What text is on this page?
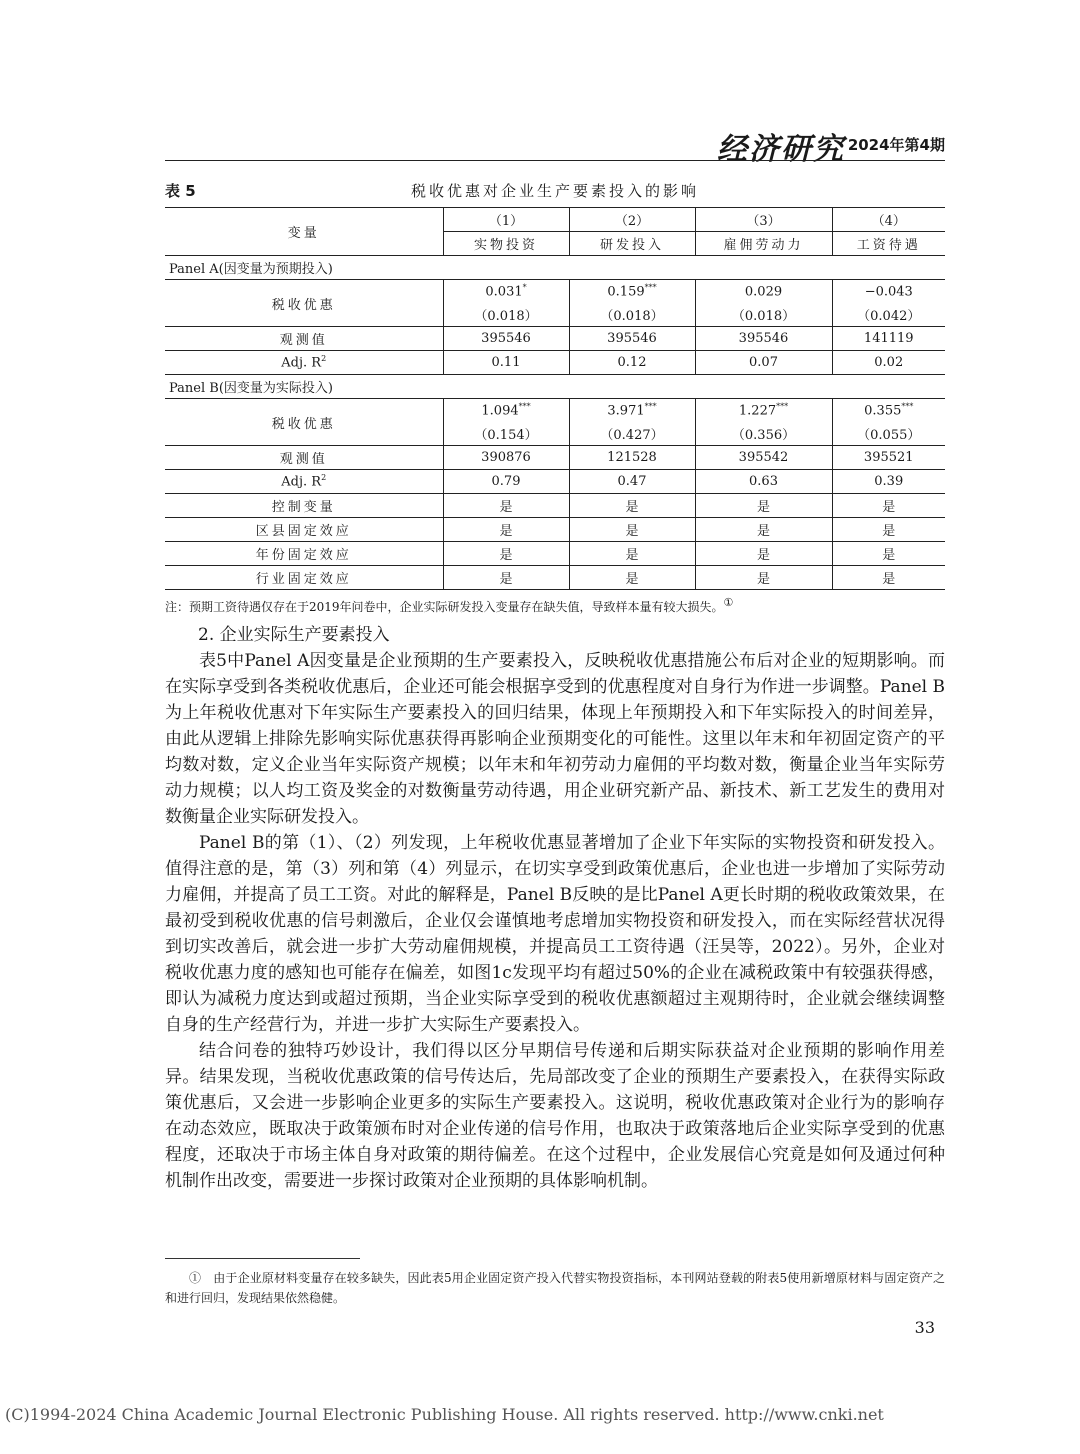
经济研究 2024年第4期
表 5	税收优惠对企业生产要素投入的影响
变量	（1）	（2）	（3）	（4）
	实物投资	研发投入	雇佣劳动力	工资待遇
Panel A(因变量为预期投入)				
税收优惠	0.031*	0.159***	0.029	−0.043
	（0.018）	（0.018）	（0.018）	（0.042）
观测值	395546	395546	395546	141119
Adj. $R^2$	0.11	0.12	0.07	0.02
Panel B(因变量为实际投入)				
税收优惠	1.094***	3.971***	1.227***	0.355***
	（0.154）	（0.427）	（0.356）	（0.055）
观测值	390876	121528	395542	395521
Adj. $R^2$	0.79	0.47	0.63	0.39
控制变量	是	是	是	是
区县固定效应	是	是	是	是
年份固定效应	是	是	是	是
行业固定效应	是	是	是	是
注：预期工资待遇仅存在于2019年问卷中，企业实际研发投入变量存在缺失值，导致样本量有较大损失。①
2. 企业实际生产要素投入

表5中Panel A因变量是企业预期的生产要素投入，反映税收优惠措施公布后对企业的短期影响。而在实际享受到各类税收优惠后，企业还可能会根据享受到的优惠程度对自身行为作进一步调整。Panel B为上年税收优惠对下年实际生产要素投入的回归结果，体现上年预期投入和下年实际投入的时间差异，由此从逻辑上排除先影响实际优惠获得再影响企业预期变化的可能性。这里以年末和年初固定资产的平均数对数，定义企业当年实际资产规模；以年末和年初劳动力雇佣的平均数对数，衡量企业当年实际劳动力规模；以人均工资及奖金的对数衡量劳动待遇，用企业研究新产品、新技术、新工艺发生的费用对数衡量企业实际研发投入。

Panel B的第（1）、（2）列发现，上年税收优惠显著增加了企业下年实际的实物投资和研发投入。值得注意的是，第（3）列和第（4）列显示，在切实享受到政策优惠后，企业也进一步增加了实际劳动力雇佣，并提高了员工工资。对此的解释是，Panel B反映的是比Panel A更长时期的税收政策效果，在最初受到税收优惠的信号刺激后，企业仅会谨慎地考虑增加实物投资和研发投入，而在实际经营状况得到切实改善后，就会进一步扩大劳动雇佣规模，并提高员工工资待遇（汪昊等，2022）。另外，企业对税收优惠力度的感知也可能存在偏差，如图1c发现平均有超过50%的企业在减税政策中有较强获得感，即认为减税力度达到或超过预期，当企业实际享受到的税收优惠额超过主观期待时，企业就会继续调整自身的生产经营行为，并进一步扩大实际生产要素投入。

结合问卷的独特巧妙设计，我们得以区分早期信号传递和后期实际获益对企业预期的影响作用差异。结果发现，当税收优惠政策的信号传达后，先局部改变了企业的预期生产要素投入，在获得实际政策优惠后，又会进一步影响企业更多的实际生产要素投入。这说明，税收优惠政策对企业行为的影响存在动态效应，既取决于政策颁布时对企业传递的信号作用，也取决于政策落地后企业实际享受到的优惠程度，还取决于市场主体自身对政策的期待偏差。在这个过程中，企业发展信心究竟是如何及通过何种机制作出改变，需要进一步探讨政策对企业预期的具体影响机制。

①　由于企业原材料变量存在较多缺失，因此表5用企业固定资产投入代替实物投资指标，本刊网站登载的附表5使用新增原材料与固定资产之和进行回归，发现结果依然稳健。
33
(C)1994-2024 China Academic Journal Electronic Publishing House. All rights reserved. http://www.cnki.net
